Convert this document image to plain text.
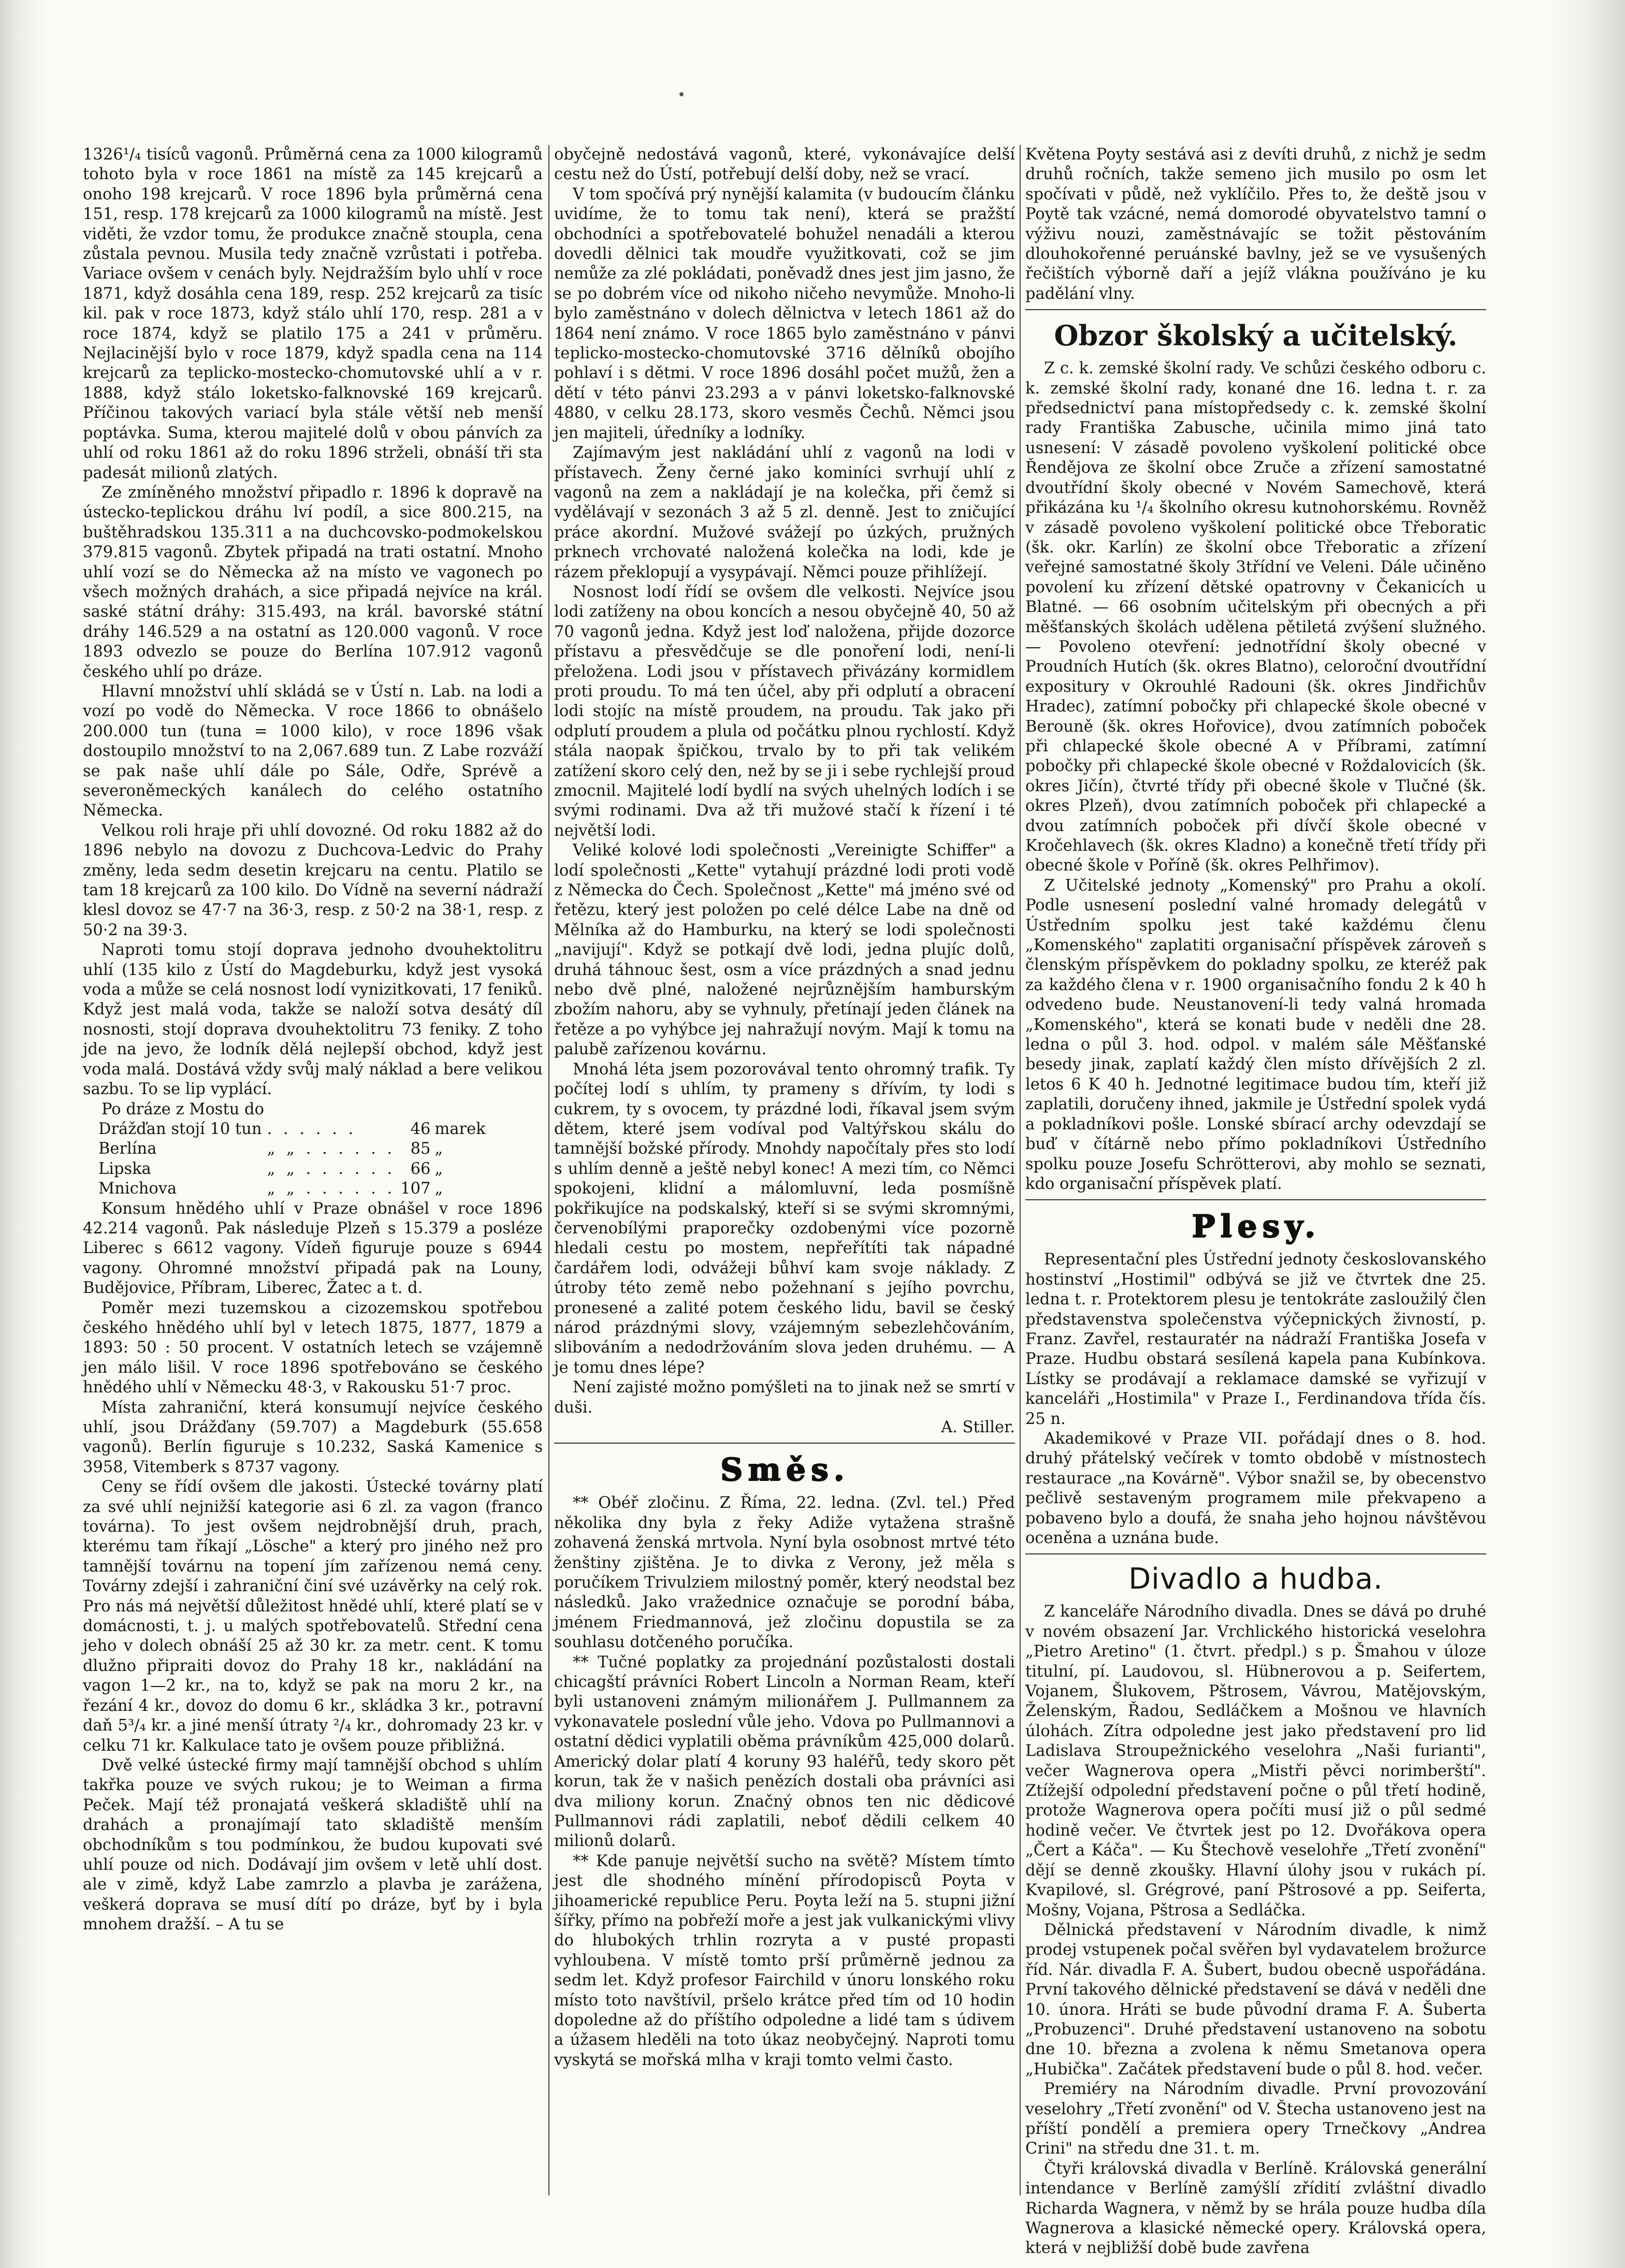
1326¹/₄ tisíců vagonů. Průměrná cena za 1000 kilogramů tohoto byla v roce 1861 na místě za 145 krejcarů a onoho 198 krejcarů. V roce 1896 byla průměrná cena 151, resp. 178 krejcarů za 1000 kilogramů na místě. Jest viděti, že vzdor tomu, že produkce značně stoupla, cena zůstala pevnou. Musila tedy značně vzrůstati i potřeba. Variace ovšem v cenách byly. Nejdražším bylo uhlí v roce 1871, když dosáhla cena 189, resp. 252 krejcarů za tisíc kil. pak v roce 1873, když stálo uhlí 170, resp. 281 a v roce 1874, když se platilo 175 a 241 v průměru. Nejlacinější bylo v roce 1879, když spadla cena na 114 krejcarů za teplicko-mostecko-chomutovské uhlí a v r. 1888, když stálo loketsko-falknovské 169 krejcarů. Příčinou takových variací byla stále větší neb menší poptávka. Suma, kterou majitelé dolů v obou pánvích za uhlí od roku 1861 až do roku 1896 strželi, obnáší tři sta padesát milionů zlatých.

Ze zmíněného množství připadlo r. 1896 k dopravě na ústecko-teplickou dráhu lví podíl, a sice 800.215, na buštěhradskou 135.311 a na duchcovsko-podmokelskou 379.815 vagonů. Zbytek připadá na trati ostatní. Mnoho uhlí vozí se do Německa až na místo ve vagonech po všech možných drahách, a sice připadá nejvíce na král. saské státní dráhy: 315.493, na král. bavorské státní dráhy 146.529 a na ostatní as 120.000 vagonů. V roce 1893 odvezlo se pouze do Berlína 107.912 vagonů českého uhlí po dráze.

Hlavní množství uhlí skládá se v Ústí n. Lab. na lodi a vozí po vodě do Německa. V roce 1866 to obnášelo 200.000 tun (tuna = 1000 kilo), v roce 1896 však dostoupilo množství to na 2,067.689 tun. Z Labe rozváží se pak naše uhlí dále po Sále, Odře, Sprévě a severoněmeckých kanálech do celého ostatního Německa.

Velkou roli hraje při uhlí dovozné. Od roku 1882 až do 1896 nebylo na dovozu z Duchcova-Ledvic do Prahy změny, leda sedm desetin krejcaru na centu. Platilo se tam 18 krejcarů za 100 kilo. Do Vídně na severní nádraží klesl dovoz se 47·7 na 36·3, resp. z 50·2 na 38·1, resp. z 50·2 na 39·3.

Naproti tomu stojí doprava jednoho dvouhektolitru uhlí (135 kilo z Ústí do Magdeburku, když jest vysoká voda a může se celá nosnost lodí vynizitkovati, 17 feniků. Když jest malá voda, takže se naloží sotva desátý díl nosnosti, stojí doprava dvouhektolitru 73 feniky. Z toho jde na jevo, že lodník dělá nejlepší obchod, když jest voda malá. Dostává vždy svůj malý náklad a bere velikou sazbu. To se lip vyplácí.

Po dráze z Mostu do

Drážďan stojí 10 tun	. . . . . .	46	marek
Berlína	„ „ . . . . . .	85	„
Lipska	„ „ . . . . . .	66	„
Mnichova	„ „ . . . . . .	107	„

Konsum hnědého uhlí v Praze obnášel v roce 1896 42.214 vagonů. Pak následuje Plzeň s 15.379 a posléze Liberec s 6612 vagony. Vídeň figuruje pouze s 6944 vagony. Ohromné množství připadá pak na Louny, Budějovice, Příbram, Liberec, Žatec a t. d.

Poměr mezi tuzemskou a cizozemskou spotřebou českého hnědého uhlí byl v letech 1875, 1877, 1879 a 1893: 50 : 50 procent. V ostatních letech se vzájemně jen málo lišil. V roce 1896 spotřebováno se českého hnědého uhlí v Německu 48·3, v Rakousku 51·7 proc.

Místa zahraniční, která konsumují nejvíce českého uhlí, jsou Drážďany (59.707) a Magdeburk (55.658 vagonů). Berlín figuruje s 10.232, Saská Kamenice s 3958, Vitemberk s 8737 vagony.

Ceny se řídí ovšem dle jakosti. Ústecké továrny platí za své uhlí nejnižší kategorie asi 6 zl. za vagon (franco továrna). To jest ovšem nejdrobnější druh, prach, kterému tam říkají „Lösche" a který pro jiného než pro tamnější továrnu na topení jím zařízenou nemá ceny. Továrny zdejší i zahraniční činí své uzávěrky na celý rok. Pro nás má největší důležitost hnědé uhlí, které platí se v domácnosti, t. j. u malých spotřebovatelů. Střední cena jeho v dolech obnáší 25 až 30 kr. za metr. cent. K tomu dlužno připraiti dovoz do Prahy 18 kr., nakládání na vagon 1—2 kr., na to, když se pak na moru 2 kr., na řezání 4 kr., dovoz do domu 6 kr., skládka 3 kr., potravní daň 5³/₄ kr. a jiné menší útraty ²/₄ kr., dohromady 23 kr. v celku 71 kr. Kalkulace tato je ovšem pouze přibližná.

Dvě velké ústecké firmy mají tamnější obchod s uhlím takřka pouze ve svých rukou; je to Weiman a firma Peček. Mají též pronajatá veškerá skladiště uhlí na drahách a pronajímají tato skladiště menším obchodníkům s tou podmínkou, že budou kupovati své uhlí pouze od nich. Dodávají jim ovšem v letě uhlí dost. ale v zimě, když Labe zamrzlo a plavba je zarážena, veškerá doprava se musí dítí po dráze, byť by i byla mnohem dražší. – A tu se

obyčejně nedostává vagonů, které, vykonávajíce delší cestu než do Ústí, potřebují delší doby, než se vrací.

V tom spočívá prý nynější kalamita (v budoucím článku uvidíme, že to tomu tak není), která se pražští obchodníci a spotřebovatelé bohužel nenadáli a kterou dovedli dělnici tak moudře využitkovati, což se jim nemůže za zlé pokládati, poněvadž dnes jest jim jasno, že se po dobrém více od nikoho ničeho nevymůže. Mnoho-li bylo zaměstnáno v dolech dělnictva v letech 1861 až do 1864 není známo. V roce 1865 bylo zaměstnáno v pánvi teplicko-mostecko-chomutovské 3716 dělníků obojího pohlaví i s dětmi. V roce 1896 dosáhl počet mužů, žen a dětí v této pánvi 23.293 a v pánvi loketsko-falknovské 4880, v celku 28.173, skoro vesměs Čechů. Němci jsou jen majiteli, úředníky a lodníky.

Zajímavým jest nakládání uhlí z vagonů na lodi v přístavech. Ženy černé jako kominíci svrhují uhlí z vagonů na zem a nakládají je na kolečka, při čemž si vydělávají v sezonách 3 až 5 zl. denně. Jest to zničující práce akordní. Mužové svážejí po úzkých, pružných prknech vrchovaté naložená kolečka na lodi, kde je rázem překlopují a vysypávají. Němci pouze přihlížejí.

Nosnost lodí řídí se ovšem dle velkosti. Nejvíce jsou lodi zatíženy na obou koncích a nesou obyčejně 40, 50 až 70 vagonů jedna. Když jest loď naložena, přijde dozorce přístavu a přesvědčuje se dle ponoření lodi, není-li přeložena. Lodi jsou v přístavech přivázány kormidlem proti proudu. To má ten účel, aby při odplutí a obracení lodi stojíc na místě proudem, na proudu. Tak jako při odplutí proudem a plula od počátku plnou rychlostí. Když stála naopak špičkou, trvalo by to při tak velikém zatížení skoro celý den, než by se ji i sebe rychlejší proud zmocnil. Majitelé lodí bydlí na svých uhelných lodích i se svými rodinami. Dva až tři mužové stačí k řízení i té největší lodi.

Veliké kolové lodi společnosti „Vereinigte Schiffer" a lodí společnosti „Kette" vytahují prázdné lodi proti vodě z Německa do Čech. Společnost „Kette" má jméno své od řetězu, který jest položen po celé délce Labe na dně od Mělníka až do Hamburku, na který se lodi společnosti „navijují". Když se potkají dvě lodi, jedna plujíc dolů, druhá táhnouc šest, osm a více prázdných a snad jednu nebo dvě plné, naložené nejrůznějším hamburským zbožím nahoru, aby se vyhnuly, přetínají jeden článek na řetěze a po vyhýbce jej nahražují novým. Mají k tomu na palubě zařízenou kovárnu.

Mnohá léta jsem pozorovával tento ohromný trafik. Ty počítej lodí s uhlím, ty prameny s dřívím, ty lodi s cukrem, ty s ovocem, ty prázdné lodi, říkaval jsem svým dětem, které jsem vodíval pod Valtýřskou skálu do tamnější božské přírody. Mnohdy napočítaly přes sto lodí s uhlím denně a ještě nebyl konec! A mezi tím, co Němci spokojeni, klidní a málomluvní, leda posmíšně pokřikujíce na podskalský, kteří si se svými skromnými, červenobílými praporečky ozdobenými více pozorně hledali cestu po mostem, nepřeřítíti tak nápadné čardářem lodi, odvážeji bůhví kam svoje náklady. Z útroby této země nebo požehnaní s jejího povrchu, pronesené a zalité potem českého lidu, bavil se český národ prázdnými slovy, vzájemným sebezlehčováním, slibováním a nedodržováním slova jeden druhému. — A je tomu dnes lépe?

Není zajisté možno pomýšleti na to jinak než se smrtí v duši.

A. Stiller.

Směs.

** Obéř zločinu. Z Říma, 22. ledna. (Zvl. tel.) Před několika dny byla z řeky Adiže vytažena strašně zohavená ženská mrtvola. Nyní byla osobnost mrtvé této ženštiny zjištěna. Je to divka z Verony, jež měla s poručíkem Trivulziem milostný poměr, který neodstal bez následků. Jako vražednice označuje se porodní bába, jménem Friedmannová, jež zločinu dopustila se za souhlasu dotčeného poručíka.

** Tučné poplatky za projednání pozůstalosti dostali chicagští právníci Robert Lincoln a Norman Ream, kteří byli ustanoveni známým milionářem J. Pullmannem za vykonavatele poslední vůle jeho. Vdova po Pullmannovi a ostatní dědici vyplatili oběma právníkům 425,000 dolarů. Americký dolar platí 4 koruny 93 haléřů, tedy skoro pět korun, tak že v našich penězích dostali oba právníci asi dva miliony korun. Značný obnos ten nic dědicové Pullmannovi rádi zaplatili, neboť dědili celkem 40 milionů dolarů.

** Kde panuje největší sucho na světě? Místem tímto jest dle shodného mínění přírodopisců Poyta v jihoamerické republice Peru. Poyta leží na 5. stupni jižní šířky, přímo na pobřeží moře a jest jak vulkanickými vlivy do hlubokých trhlin rozryta a v pusté propasti vyhloubena. V místě tomto prší průměrně jednou za sedm let. Když profesor Fairchild v únoru lonského roku místo toto navštívil, pršelo krátce před tím od 10 hodin dopoledne až do příštího odpoledne a lidé tam s údivem a úžasem hleděli na toto úkaz neobyčejný. Naproti tomu vyskytá se mořská mlha v kraji tomto velmi často.

Květena Poyty sestává asi z devíti druhů, z nichž je sedm druhů ročních, takže semeno jich musilo po osm let spočívati v půdě, než vyklíčilo. Přes to, že deště jsou v Poytě tak vzácné, nemá domorodé obyvatelstvo tamní o výživu nouzi, zaměstnávajíc se tožit pěstováním dlouhokořenné peruánské bavlny, jež se ve vysušených řečištích výborně daří a jejíž vlákna používáno je ku padělání vlny.

Obzor školský a učitelský.

Z c. k. zemské školní rady. Ve schůzi českého odboru c. k. zemské školní rady, konané dne 16. ledna t. r. za předsednictví pana místopředsedy c. k. zemské školní rady Františka Zabusche, učinila mimo jiná tato usnesení: V zásadě povoleno vyškolení politické obce Řendějova ze školní obce Zruče a zřízení samostatné dvoutřídní školy obecné v Novém Samechově, která přikázána ku ¹/₄ školního okresu kutnohorskému. Rovněž v zásadě povoleno vyškolení politické obce Třeboratic (šk. okr. Karlín) ze školní obce Třeboratic a zřízení veřejné samostatné školy 3třídní ve Veleni. Dále učiněno povolení ku zřízení dětské opatrovny v Čekanicích u Blatné. — 66 osobním učitelským při obecných a při měšťanských školách udělena pětiletá zvýšení služného. — Povoleno otevření: jednotřídní školy obecné v Proudních Hutích (šk. okres Blatno), celoroční dvoutřídní expositury v Okrouhlé Radouni (šk. okres Jindřichův Hradec), zatímní pobočky při chlapecké škole obecné v Berouně (šk. okres Hořovice), dvou zatímních poboček při chlapecké škole obecné A v Příbrami, zatímní pobočky při chlapecké škole obecné v Roždalovicích (šk. okres Jičín), čtvrté třídy při obecné škole v Tlučné (šk. okres Plzeň), dvou zatímních poboček při chlapecké a dvou zatímních poboček při dívčí škole obecné v Kročehlavech (šk. okres Kladno) a konečně třetí třídy při obecné škole v Poříně (šk. okres Pelhřimov).

Z Učitelské jednoty „Komenský" pro Prahu a okolí. Podle usnesení poslední valné hromady delegátů v Ústředním spolku jest také každému členu „Komenského" zaplatiti organisační příspěvek zároveň s členským příspěvkem do pokladny spolku, ze kteréž pak za každého člena v r. 1900 organisačního fondu 2 k 40 h odvedeno bude. Neustanovení-li tedy valná hromada „Komenského", která se konati bude v neděli dne 28. ledna o půl 3. hod. odpol. v malém sále Měšťanské besedy jinak, zaplatí každý člen místo dřívějších 2 zl. letos 6 K 40 h. Jednotné legitimace budou tím, kteří již zaplatili, doručeny ihned, jakmile je Ústřední spolek vydá a pokladníkovi pošle. Lonské sbírací archy odevzdají se buď v čítárně nebo přímo pokladníkovi Ústředního spolku pouze Josefu Schrötterovi, aby mohlo se seznati, kdo organisační příspěvek platí.

Plesy.

Representační ples Ústřední jednoty českoslovanského hostinství „Hostimil" odbývá se již ve čtvrtek dne 25. ledna t. r. Protektorem plesu je tentokráte zasloužilý člen představenstva společenstva výčepnických živností, p. Franz. Zavřel, restauratér na nádraží Františka Josefa v Praze. Hudbu obstará sesílená kapela pana Kubínkova. Lístky se prodávají a reklamace damské se vyřizují v kanceláři „Hostimila" v Praze I., Ferdinandova třída čís. 25 n.

Akademikové v Praze VII. pořádají dnes o 8. hod. druhý přátelský večírek v tomto obdobě v místnostech restaurace „na Kovárně". Výbor snažil se, by obecenstvo pečlivě sestaveným programem mile překvapeno a pobaveno bylo a doufá, že snaha jeho hojnou návštěvou oceněna a uznána bude.

Divadlo a hudba.

Z kanceláře Národního divadla. Dnes se dává po druhé v novém obsazení Jar. Vrchlického historická veselohra „Pietro Aretino" (1. čtvrt. předpl.) s p. Šmahou v úloze titulní, pí. Laudovou, sl. Hübnerovou a p. Seifertem, Vojanem, Šlukovem, Pštrosem, Vávrou, Matějovským, Želenským, Řadou, Sedláčkem a Mošnou ve hlavních úlohách. Zítra odpoledne jest jako představení pro lid Ladislava Stroupežnického veselohra „Naši furianti", večer Wagnerova opera „Mistři pěvci norimberští". Ztížejší odpolední představení počne o půl třetí hodině, protože Wagnerova opera počíti musí již o půl sedmé hodině večer. Ve čtvrtek jest po 12. Dvořákova opera „Čert a Káča". — Ku Štechově veselohře „Třetí zvonění" dějí se denně zkoušky. Hlavní úlohy jsou v rukách pí. Kvapilové, sl. Grégrové, paní Pštrosové a pp. Seiferta, Mošny, Vojana, Pštrosa a Sedláčka.

Dělnická představení v Národním divadle, k nimž prodej vstupenek počal svěřen byl vydavatelem brožurce říd. Nár. divadla F. A. Šubert, budou obecně uspořádána. První takového dělnické představení se dává v neděli dne 10. února. Hráti se bude původní drama F. A. Šuberta „Probuzenci". Druhé představení ustanoveno na sobotu dne 10. března a zvolena k němu Smetanova opera „Hubička". Začátek představení bude o půl 8. hod. večer.

Premiéry na Národním divadle. První provozování veselohry „Třetí zvonění" od V. Štecha ustanoveno jest na příští pondělí a premiera opery Trnečkovy „Andrea Crini" na středu dne 31. t. m.

Čtyři královská divadla v Berlíně. Královská generální intendance v Berlíně zamýšlí zřídití zvláštní divadlo Richarda Wagnera, v němž by se hrála pouze hudba díla Wagnerova a klasické německé opery. Královská opera, která v nejbližší době bude zavřena
